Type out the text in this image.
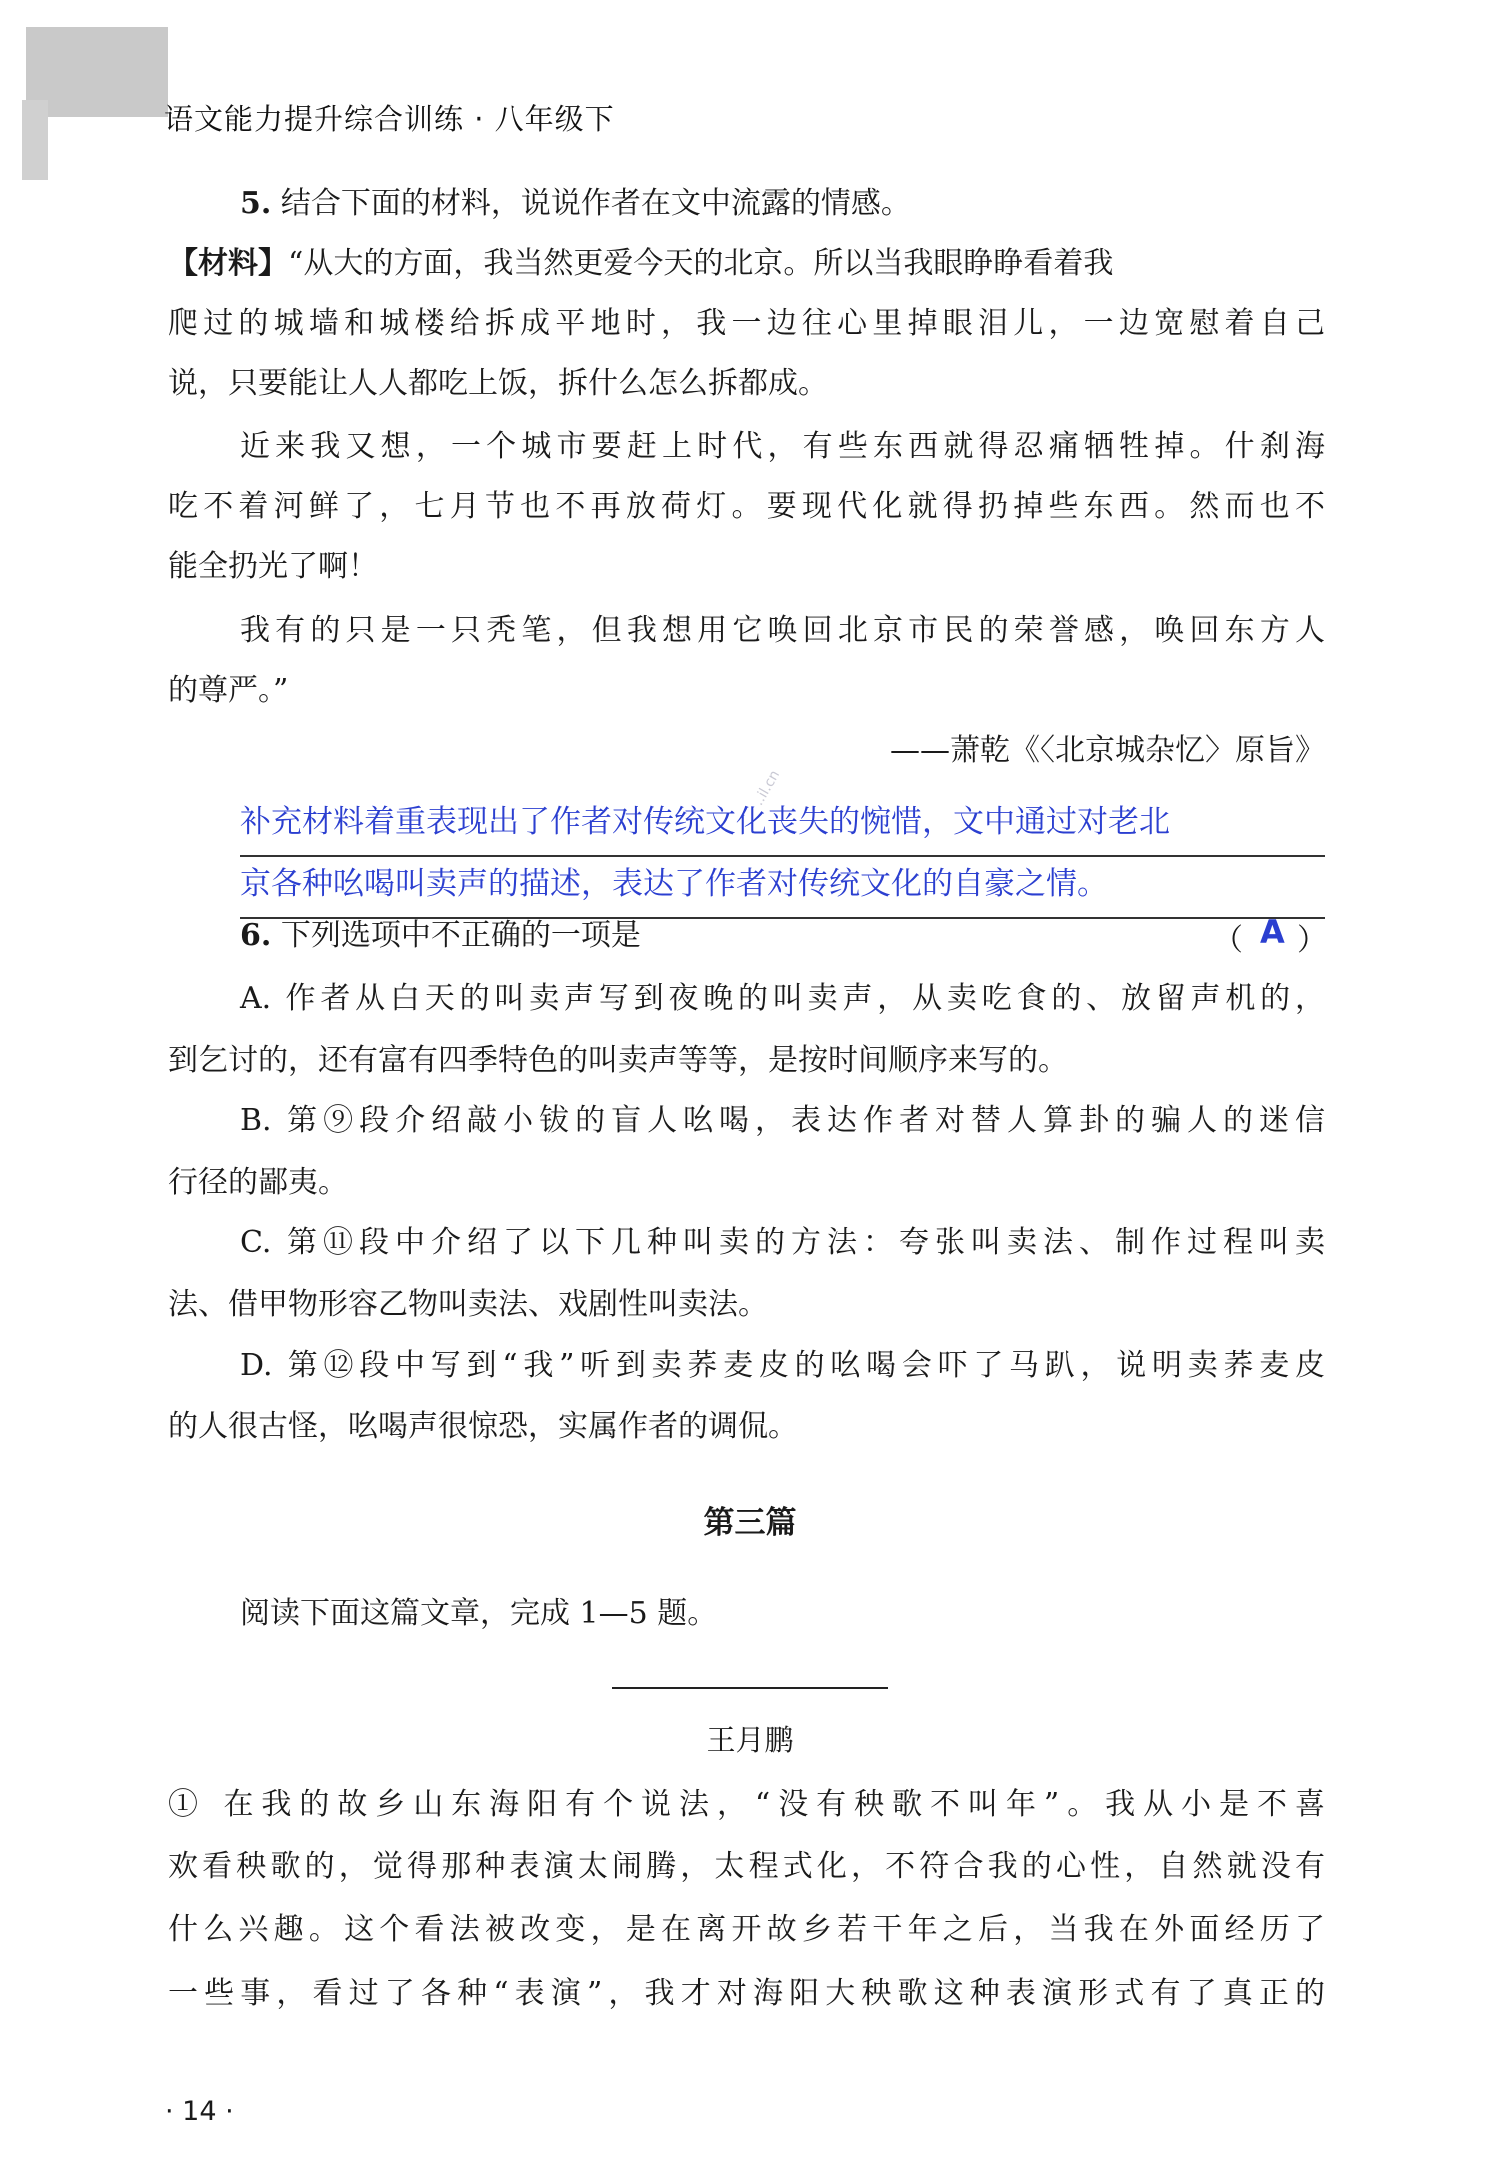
语文能力提升综合训练 · 八年级下
5. 结合下面的材料，说说作者在文中流露的情感。
【材料】“从大的方面，我当然更爱今天的北京。所以当我眼睁睁看着我
爬过的城墙和城楼给拆成平地时，我一边往心里掉眼泪儿，一边宽慰着自己
说，只要能让人人都吃上饭，拆什么怎么拆都成。
近来我又想，一个城市要赶上时代，有些东西就得忍痛牺牲掉。什刹海
吃不着河鲜了，七月节也不再放荷灯。要现代化就得扔掉些东西。然而也不
能全扔光了啊！
我有的只是一只秃笔，但我想用它唤回北京市民的荣誉感，唤回东方人
的尊严。”
——萧乾《〈北京城杂忆〉原旨》
补充材料着重表现出了作者对传统文化丧失的惋惜，文中通过对老北
京各种吆喝叫卖声的描述，表达了作者对传统文化的自豪之情。
6. 下列选项中不正确的一项是	（ A ）
A. 作者从白天的叫卖声写到夜晚的叫卖声，从卖吃食的、放留声机的，
到乞讨的，还有富有四季特色的叫卖声等等，是按时间顺序来写的。
B. 第⑨段介绍敲小钹的盲人吆喝，表达作者对替人算卦的骗人的迷信
行径的鄙夷。
C. 第⑪段中介绍了以下几种叫卖的方法：夸张叫卖法、制作过程叫卖
法、借甲物形容乙物叫卖法、戏剧性叫卖法。
D. 第⑫段中写到“我”听到卖荞麦皮的吆喝会吓了马趴，说明卖荞麦皮
的人很古怪，吆喝声很惊恐，实属作者的调侃。
第三篇
阅读下面这篇文章，完成 1—5 题。
王月鹏
① 在我的故乡山东海阳有个说法，“没有秧歌不叫年”。我从小是不喜
欢看秧歌的，觉得那种表演太闹腾，太程式化，不符合我的心性，自然就没有
什么兴趣。这个看法被改变，是在离开故乡若干年之后，当我在外面经历了
一些事，看过了各种“表演”，我才对海阳大秧歌这种表演形式有了真正的
· 14 ·
..il.cn
